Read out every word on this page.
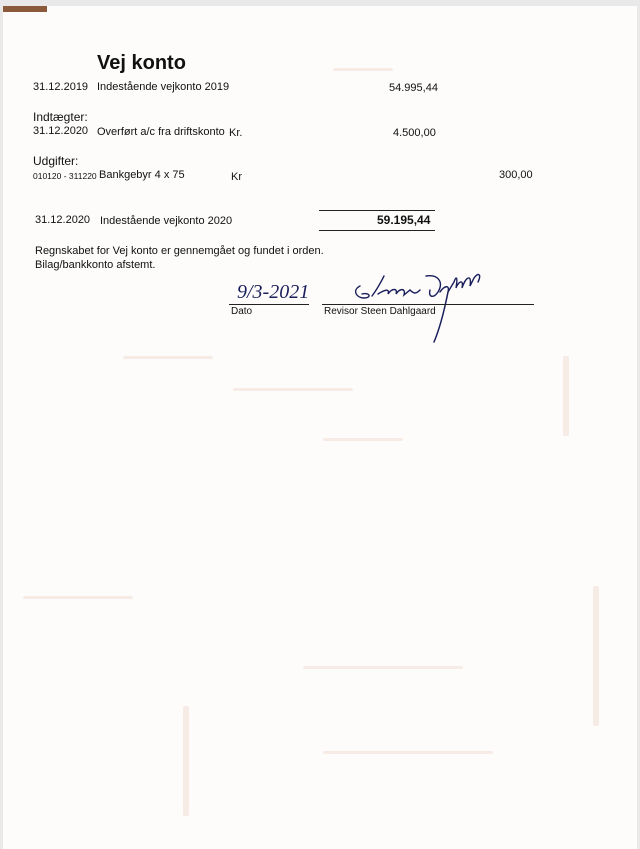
Vej konto
31.12.2019 Indestående vejkonto 2019	54.995,44
Indtægter:
31.12.2020 Overført a/c fra driftskonto Kr.	4.500,00
Udgifter:
010120 - 311220 Bankgebyr 4 x 75	Kr	300,00
31.12.2020 Indestående vejkonto 2020	59.195,44
Regnskabet for Vej konto er gennemgået og fundet i orden.
Bilag/bankkonto afstemt.
9/3-2021
Dato	Revisor Steen Dahlgaard
